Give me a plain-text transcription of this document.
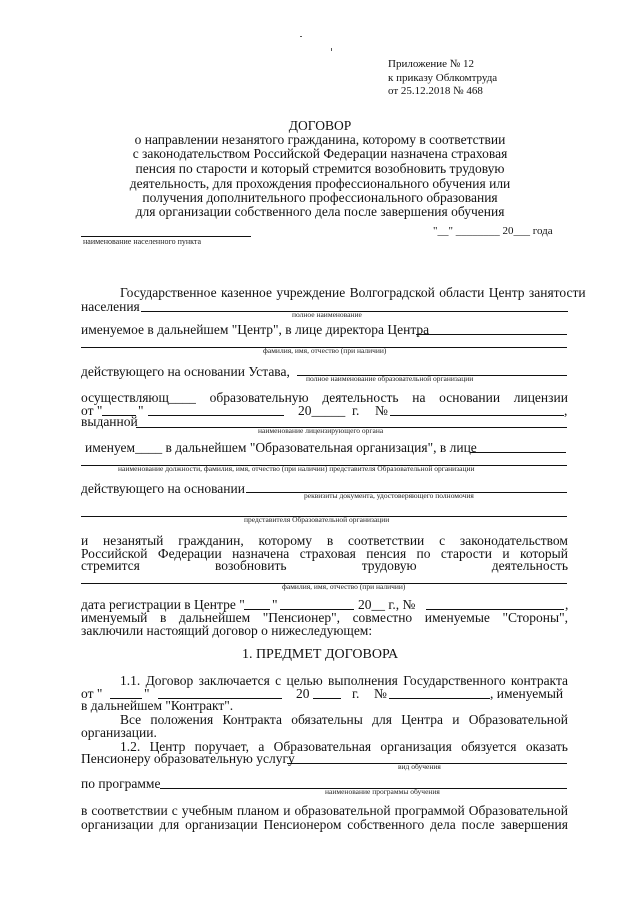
Приложение № 12
к приказу Облкомтруда
от 25.12.2018 № 468
ДОГОВОР
о направлении незанятого гражданина, которому в соответствии
с законодательством Российской Федерации назначена страховая
пенсия по старости и который стремится возобновить трудовую
деятельность, для прохождения профессионального обучения или
получения дополнительного профессионального образования
для организации собственного дела после завершения обучения
наименование населенного пункта
"__" ________ 20___ года
Государственное казенное учреждение Волгоградской области Центр занятости
населения
полное наименование
именуемое в дальнейшем "Центр", в лице директора Центра
фамилия, имя, отчество (при наличии)
действующего на основании Устава, полное наименование образовательной организации
осуществляющ____ образовательную деятельность на основании лицензии
от "	"	20_____ г. №	,
выданной
наименование лицензирующего органа
именуем____ в дальнейшем "Образовательная организация", в лице
наименование должности, фамилия, имя, отчество (при наличии) представителя Образовательной организации
действующего на основании	реквизиты документа, удостоверяющего полномочия
представителя Образовательной организации
и незанятый гражданин, которому в соответствии с законодательством
Российской Федерации назначена страховая пенсия по старости и который
стремится	возобновить	трудовую	деятельность
фамилия, имя, отчество (при наличии)
дата регистрации в Центре " "	20__ г., №	,
именуемый в дальнейшем "Пенсионер", совместно именуемые "Стороны",
заключили настоящий договор о нижеследующем:
1. ПРЕДМЕТ ДОГОВОРА
1.1. Договор заключается с целью выполнения Государственного контракта
от "	"	20	г. №	, именуемый
в дальнейшем "Контракт".
Все положения Контракта обязательны для Центра и Образовательной
организации.
1.2. Центр поручает, а Образовательная организация обязуется оказать
Пенсионеру образовательную услугу
вид обучения
по программе
наименование программы обучения
в соответствии с учебным планом и образовательной программой Образовательной
организации для организации Пенсионером собственного дела после завершения
